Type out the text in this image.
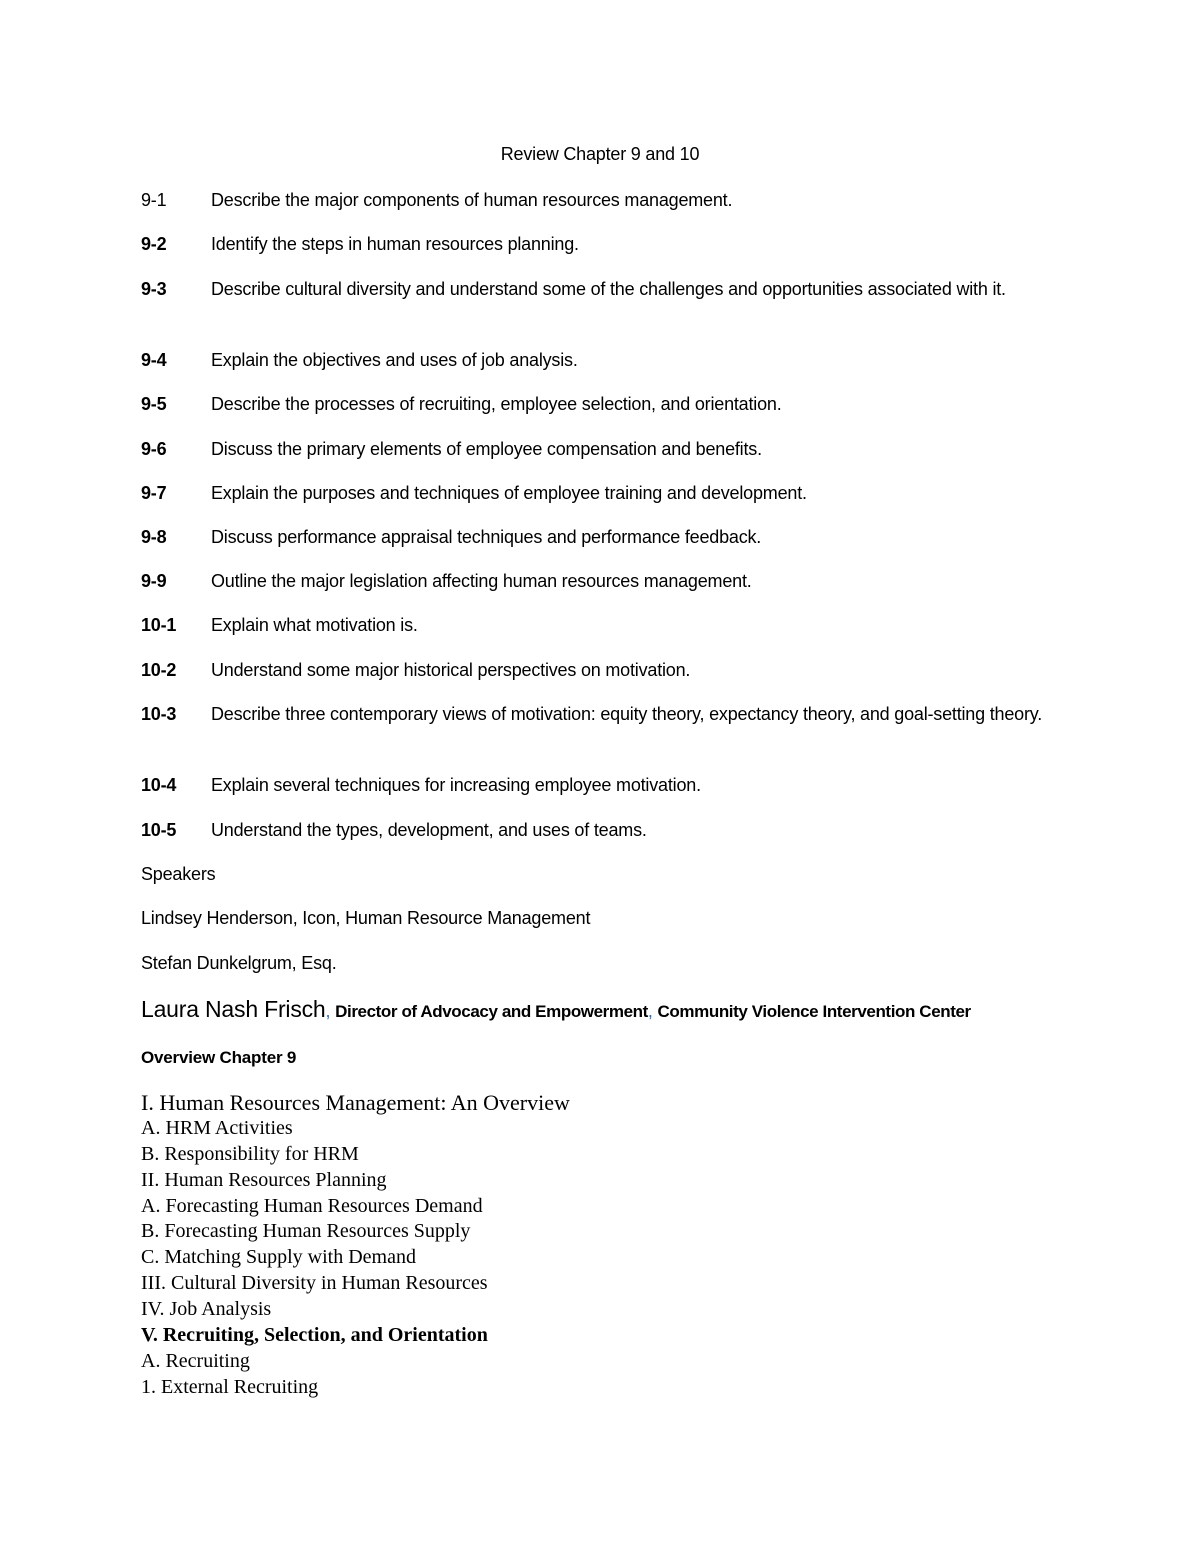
Review Chapter 9 and 10
9-1 Describe the major components of human resources management.
9-2 Identify the steps in human resources planning.
9-3 Describe cultural diversity and understand some of the challenges and opportunities associated with it.
9-4 Explain the objectives and uses of job analysis.
9-5 Describe the processes of recruiting, employee selection, and orientation.
9-6 Discuss the primary elements of employee compensation and benefits.
9-7 Explain the purposes and techniques of employee training and development.
9-8 Discuss performance appraisal techniques and performance feedback.
9-9 Outline the major legislation affecting human resources management.
10-1 Explain what motivation is.
10-2 Understand some major historical perspectives on motivation.
10-3 Describe three contemporary views of motivation: equity theory, expectancy theory, and goal-setting theory.
10-4 Explain several techniques for increasing employee motivation.
10-5 Understand the types, development, and uses of teams.
Speakers
Lindsey Henderson, Icon, Human Resource Management
Stefan Dunkelgrum, Esq.
Laura Nash Frisch, Director of Advocacy and Empowerment, Community Violence Intervention Center
Overview Chapter 9
I. Human Resources Management: An Overview
A. HRM Activities
B. Responsibility for HRM
II. Human Resources Planning
A. Forecasting Human Resources Demand
B. Forecasting Human Resources Supply
C. Matching Supply with Demand
III. Cultural Diversity in Human Resources
IV. Job Analysis
V. Recruiting, Selection, and Orientation
A. Recruiting
1. External Recruiting
